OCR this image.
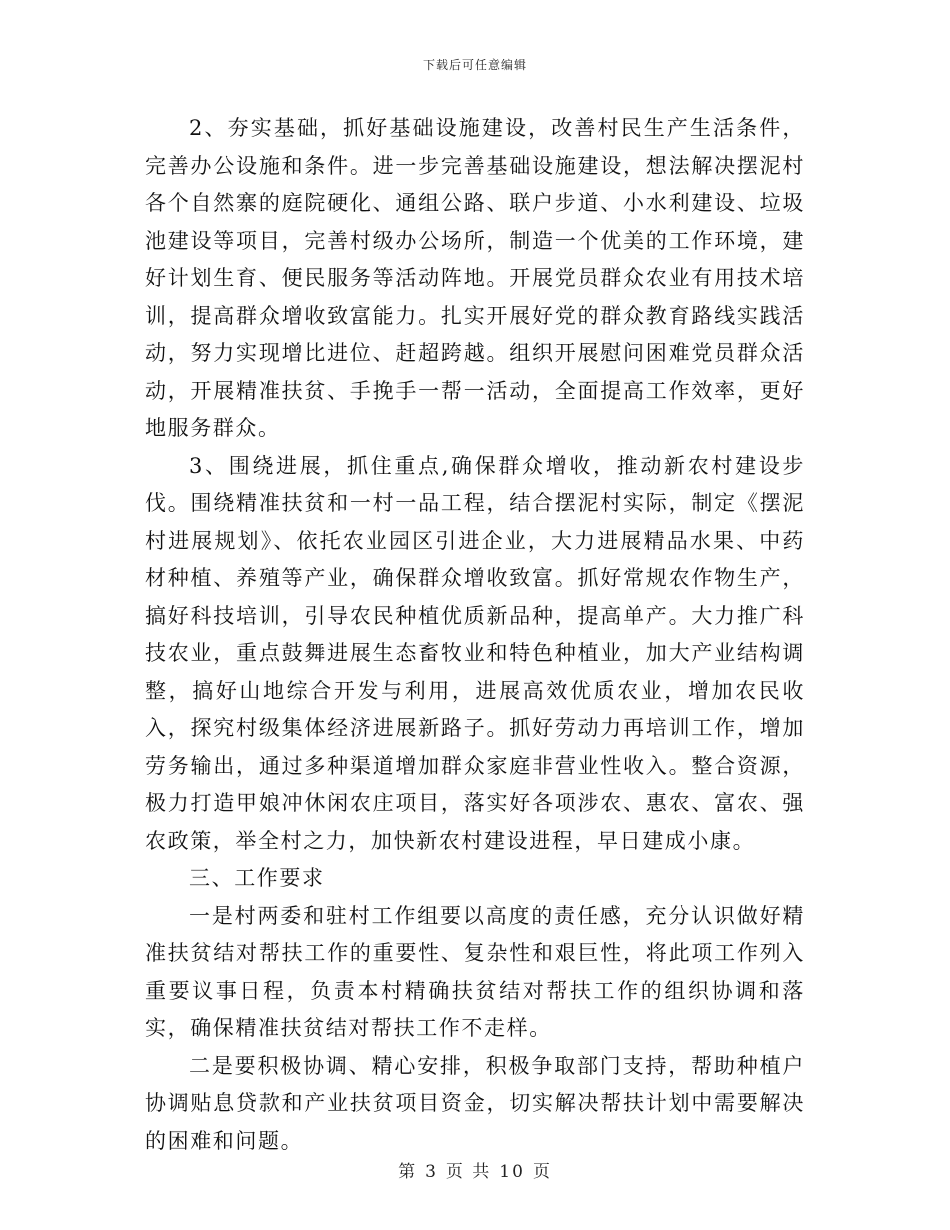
下载后可任意编辑

2、夯实基础，抓好基础设施建设，改善村民生产生活条件，完善办公设施和条件。进一步完善基础设施建设，想法解决摆泥村各个自然寨的庭院硬化、通组公路、联户步道、小水利建设、垃圾池建设等项目，完善村级办公场所，制造一个优美的工作环境，建好计划生育、便民服务等活动阵地。开展党员群众农业有用技术培训，提高群众增收致富能力。扎实开展好党的群众教育路线实践活动，努力实现增比进位、赶超跨越。组织开展慰问困难党员群众活动，开展精准扶贫、手挽手一帮一活动，全面提高工作效率，更好地服务群众。

3、围绕进展，抓住重点,确保群众增收，推动新农村建设步伐。围绕精准扶贫和一村一品工程，结合摆泥村实际，制定《摆泥村进展规划》、依托农业园区引进企业，大力进展精品水果、中药材种植、养殖等产业，确保群众增收致富。抓好常规农作物生产，搞好科技培训，引导农民种植优质新品种，提高单产。大力推广科技农业，重点鼓舞进展生态畜牧业和特色种植业，加大产业结构调整，搞好山地综合开发与利用，进展高效优质农业，增加农民收入，探究村级集体经济进展新路子。抓好劳动力再培训工作，增加劳务输出，通过多种渠道增加群众家庭非营业性收入。整合资源，极力打造甲娘冲休闲农庄项目，落实好各项涉农、惠农、富农、强农政策，举全村之力，加快新农村建设进程，早日建成小康。

三、工作要求

一是村两委和驻村工作组要以高度的责任感，充分认识做好精准扶贫结对帮扶工作的重要性、复杂性和艰巨性，将此项工作列入重要议事日程，负责本村精确扶贫结对帮扶工作的组织协调和落实，确保精准扶贫结对帮扶工作不走样。

二是要积极协调、精心安排，积极争取部门支持，帮助种植户协调贴息贷款和产业扶贫项目资金，切实解决帮扶计划中需要解决的困难和问题。

第 3 页 共 10 页
